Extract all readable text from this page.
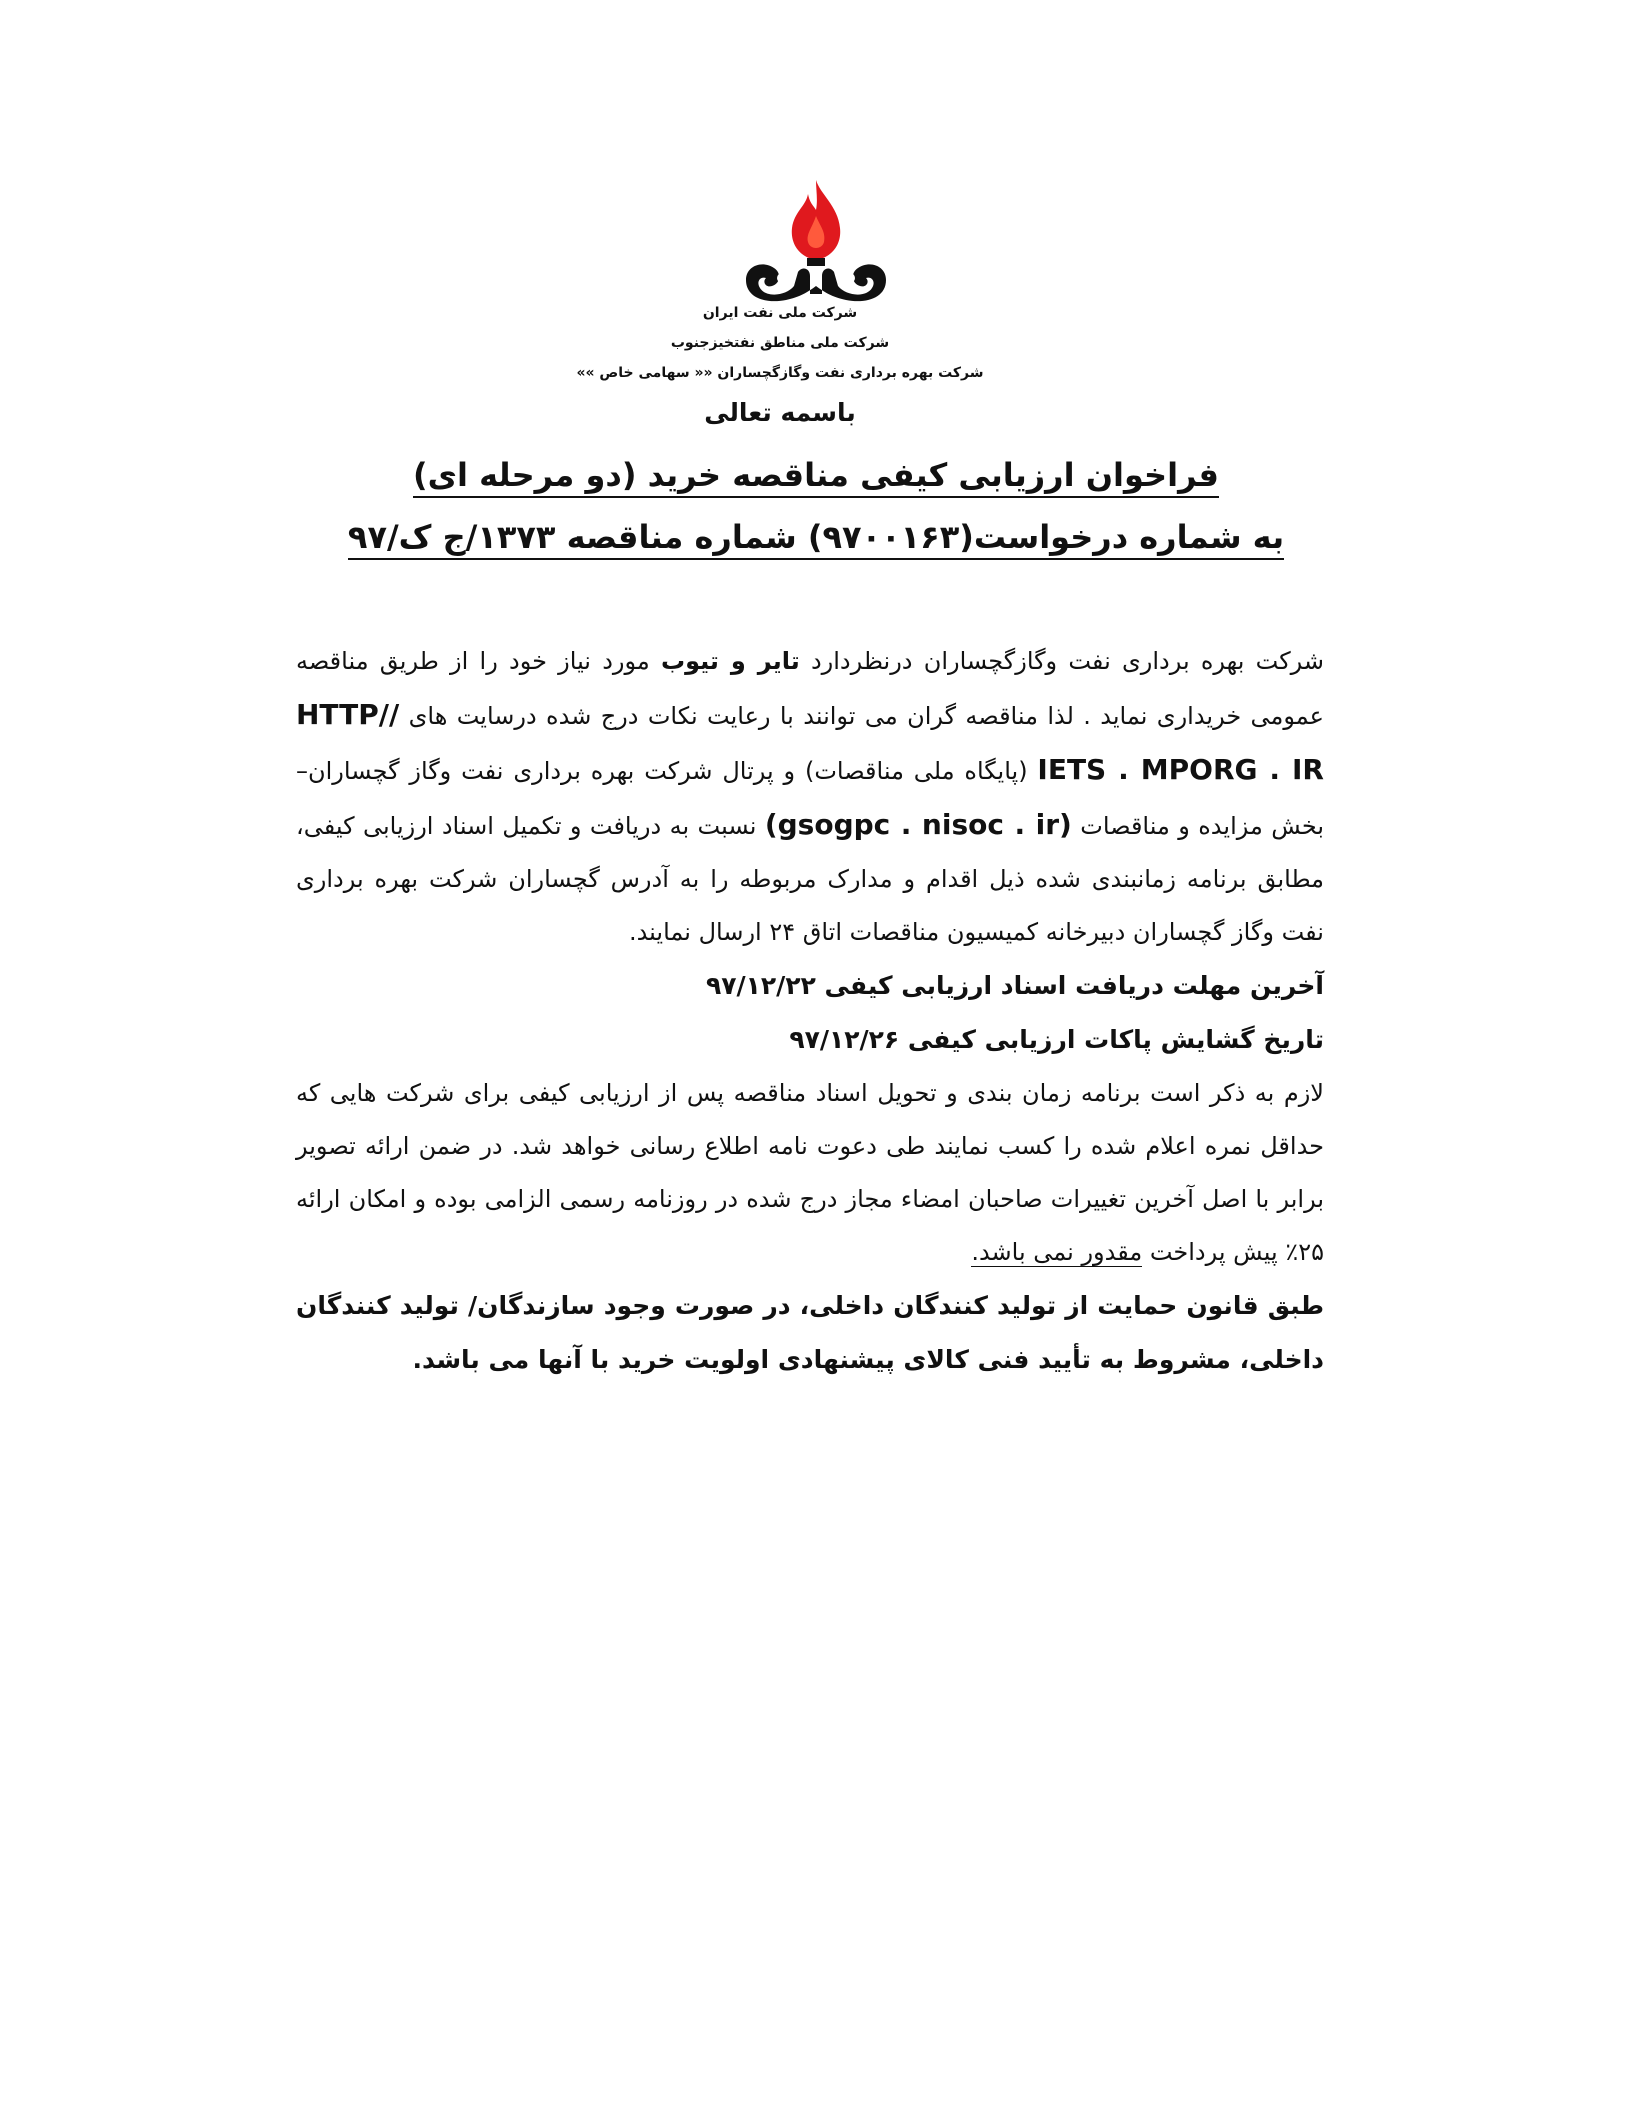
شرکت ملی نفت ایران
شرکت ملی مناطق نفتخیزجنوب
شرکت بهره برداری نفت وگازگچساران «« سهامی خاص »»
باسمه تعالی
فراخوان ارزیابی کیفی مناقصه خرید (دو مرحله ای)
به شماره درخواست(۹۷۰۰۱۶۳) شماره مناقصه ۱۳۷۳/ج ک/۹۷

شرکت بهره برداری نفت وگازگچساران درنظردارد تایر و تیوب مورد نیاز خود را از طریق مناقصه عمومی خریداری نماید . لذا مناقصه گران می توانند با رعایت نکات درج شده درسایت های HTTP// IETS . MPORG . IR (پایگاه ملی مناقصات) و پرتال شرکت بهره برداری نفت وگاز گچساران– بخش مزایده و مناقصات (gsogpc . nisoc . ir) نسبت به دریافت و تکمیل اسناد ارزیابی کیفی، مطابق برنامه زمانبندی شده ذیل اقدام و مدارک مربوطه را به آدرس گچساران شرکت بهره برداری نفت وگاز گچساران دبیرخانه کمیسیون مناقصات اتاق ۲۴ ارسال نمایند.

آخرین مهلت دریافت اسناد ارزیابی کیفی ۹۷/۱۲/۲۲

تاریخ گشایش پاکات ارزیابی کیفی ۹۷/۱۲/۲۶

لازم به ذکر است برنامه زمان بندی و تحویل اسناد مناقصه پس از ارزیابی کیفی برای شرکت هایی که حداقل نمره اعلام شده را کسب نمایند طی دعوت نامه اطلاع رسانی خواهد شد. در ضمن ارائه تصویر برابر با اصل آخرین تغییرات صاحبان امضاء مجاز درج شده در روزنامه رسمی الزامی بوده و امکان ارائه ۲۵٪ پیش پرداخت مقدور نمی باشد.

طبق قانون حمایت از تولید کنندگان داخلی، در صورت وجود سازندگان/ تولید کنندگان داخلی، مشروط به تأیید فنی کالای پیشنهادی اولویت خرید با آنها می باشد.
